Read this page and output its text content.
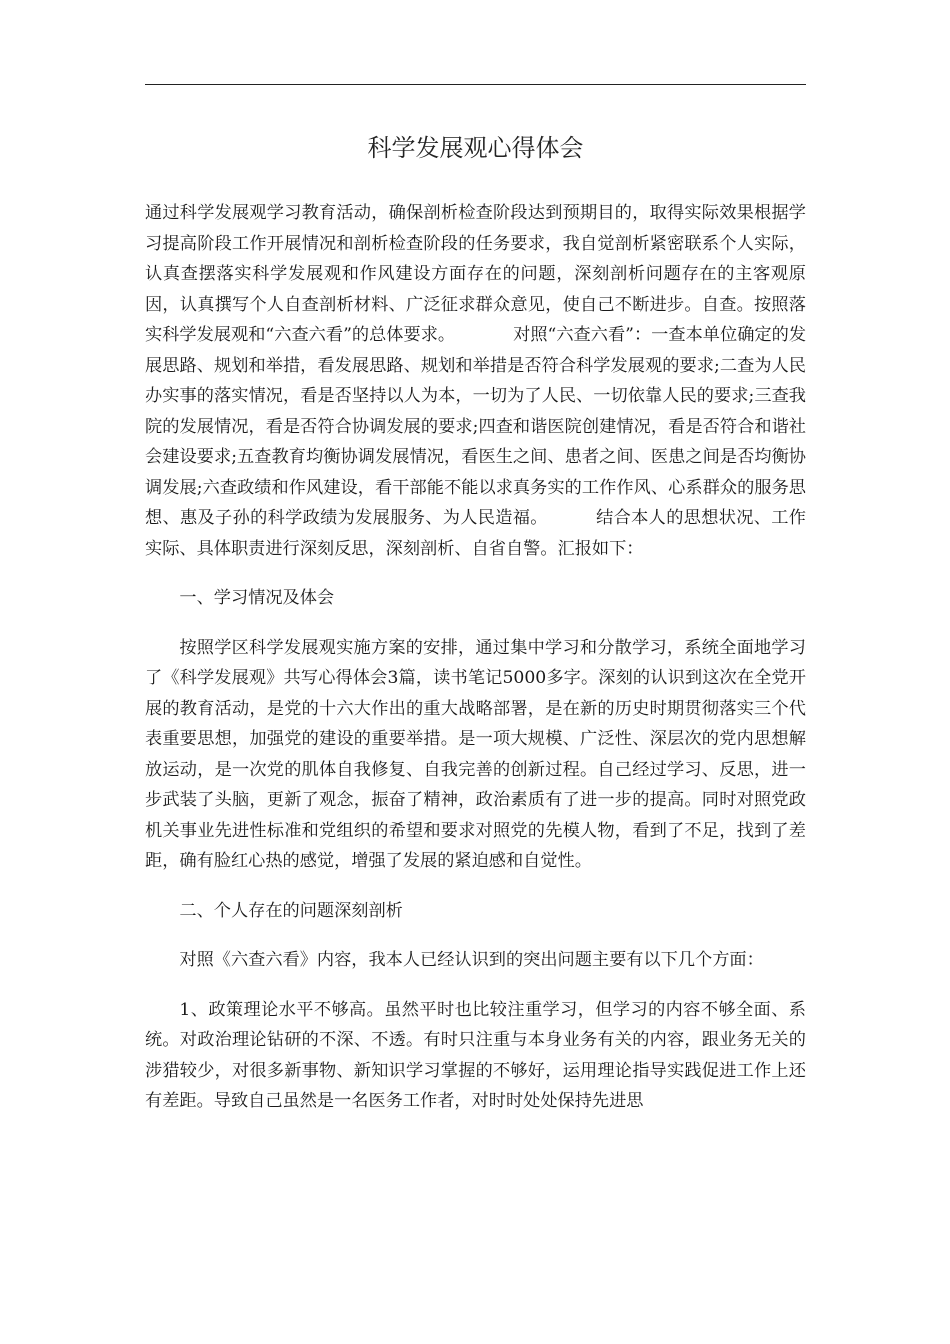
科学发展观心得体会

通过科学发展观学习教育活动，确保剖析检查阶段达到预期目的，取得实际效果根据学习提高阶段工作开展情况和剖析检查阶段的任务要求，我自觉剖析紧密联系个人实际，认真查摆落实科学发展观和作风建设方面存在的问题，深刻剖析问题存在的主客观原因，认真撰写个人自查剖析材料、广泛征求群众意见，使自己不断进步。自查。按照落实科学发展观和“六查六看”的总体要求。	对照“六查六看”：一查本单位确定的发展思路、规划和举措，看发展思路、规划和举措是否符合科学发展观的要求;二查为人民办实事的落实情况，看是否坚持以人为本，一切为了人民、一切依靠人民的要求;三查我院的发展情况，看是否符合协调发展的要求;四查和谐医院创建情况，看是否符合和谐社会建设要求;五查教育均衡协调发展情况，看医生之间、患者之间、医患之间是否均衡协调发展;六查政绩和作风建设，看干部能不能以求真务实的工作作风、心系群众的服务思想、惠及子孙的科学政绩为发展服务、为人民造福。	结合本人的思想状况、工作实际、具体职责进行深刻反思，深刻剖析、自省自警。汇报如下：

一、学习情况及体会

按照学区科学发展观实施方案的安排，通过集中学习和分散学习，系统全面地学习了《科学发展观》共写心得体会3篇，读书笔记5000多字。深刻的认识到这次在全党开展的教育活动，是党的十六大作出的重大战略部署，是在新的历史时期贯彻落实三个代表重要思想，加强党的建设的重要举措。是一项大规模、广泛性、深层次的党内思想解放运动，是一次党的肌体自我修复、自我完善的创新过程。自己经过学习、反思，进一步武装了头脑，更新了观念，振奋了精神，政治素质有了进一步的提高。同时对照党政机关事业先进性标准和党组织的希望和要求对照党的先模人物，看到了不足，找到了差距，确有脸红心热的感觉，增强了发展的紧迫感和自觉性。

二、个人存在的问题深刻剖析

对照《六查六看》内容，我本人已经认识到的突出问题主要有以下几个方面：

1、政策理论水平不够高。虽然平时也比较注重学习，但学习的内容不够全面、系统。对政治理论钻研的不深、不透。有时只注重与本身业务有关的内容，跟业务无关的涉猎较少，对很多新事物、新知识学习掌握的不够好，运用理论指导实践促进工作上还有差距。导致自己虽然是一名医务工作者，对时时处处保持先进思
